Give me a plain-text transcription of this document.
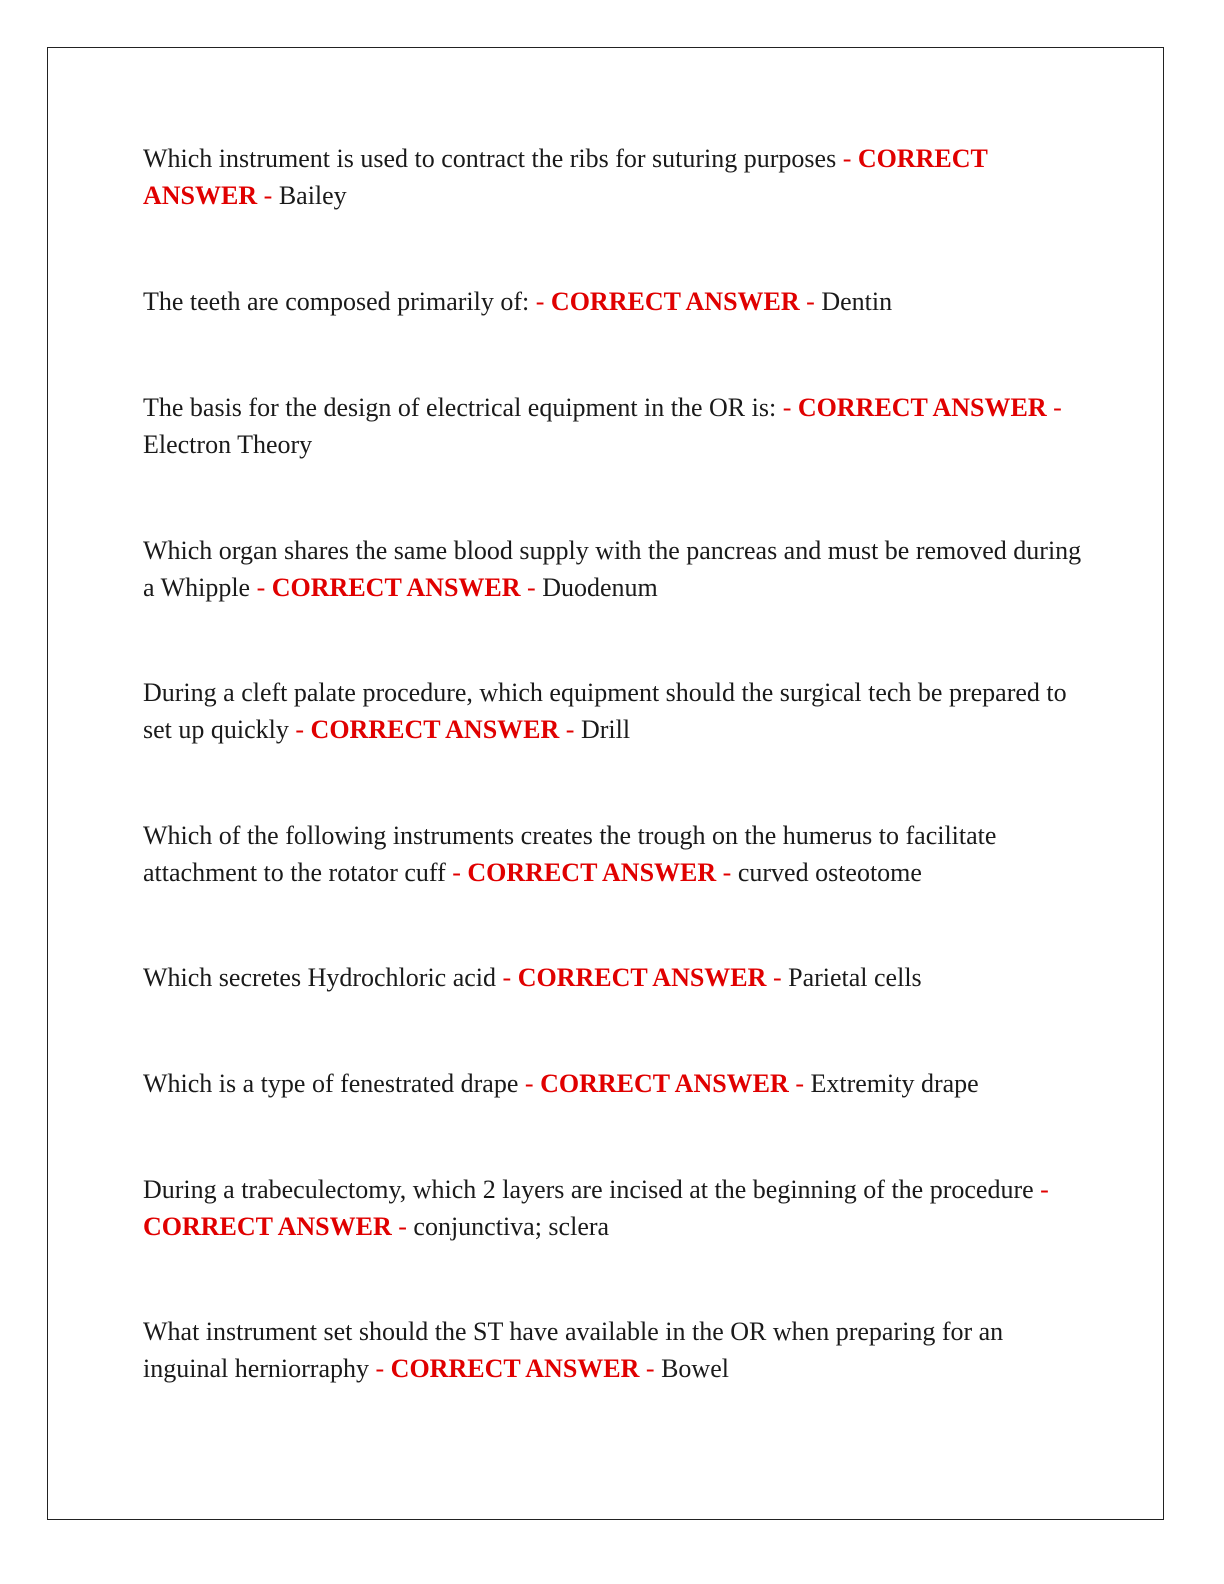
Which instrument is used to contract the ribs for suturing purposes - CORRECT ANSWER - Bailey

The teeth are composed primarily of: - CORRECT ANSWER - Dentin

The basis for the design of electrical equipment in the OR is: - CORRECT ANSWER - Electron Theory

Which organ shares the same blood supply with the pancreas and must be removed during a Whipple - CORRECT ANSWER - Duodenum

During a cleft palate procedure, which equipment should the surgical tech be prepared to set up quickly - CORRECT ANSWER - Drill

Which of the following instruments creates the trough on the humerus to facilitate attachment to the rotator cuff - CORRECT ANSWER - curved osteotome

Which secretes Hydrochloric acid - CORRECT ANSWER - Parietal cells

Which is a type of fenestrated drape - CORRECT ANSWER - Extremity drape

During a trabeculectomy, which 2 layers are incised at the beginning of the procedure - CORRECT ANSWER - conjunctiva; sclera

What instrument set should the ST have available in the OR when preparing for an inguinal herniorraphy - CORRECT ANSWER - Bowel
